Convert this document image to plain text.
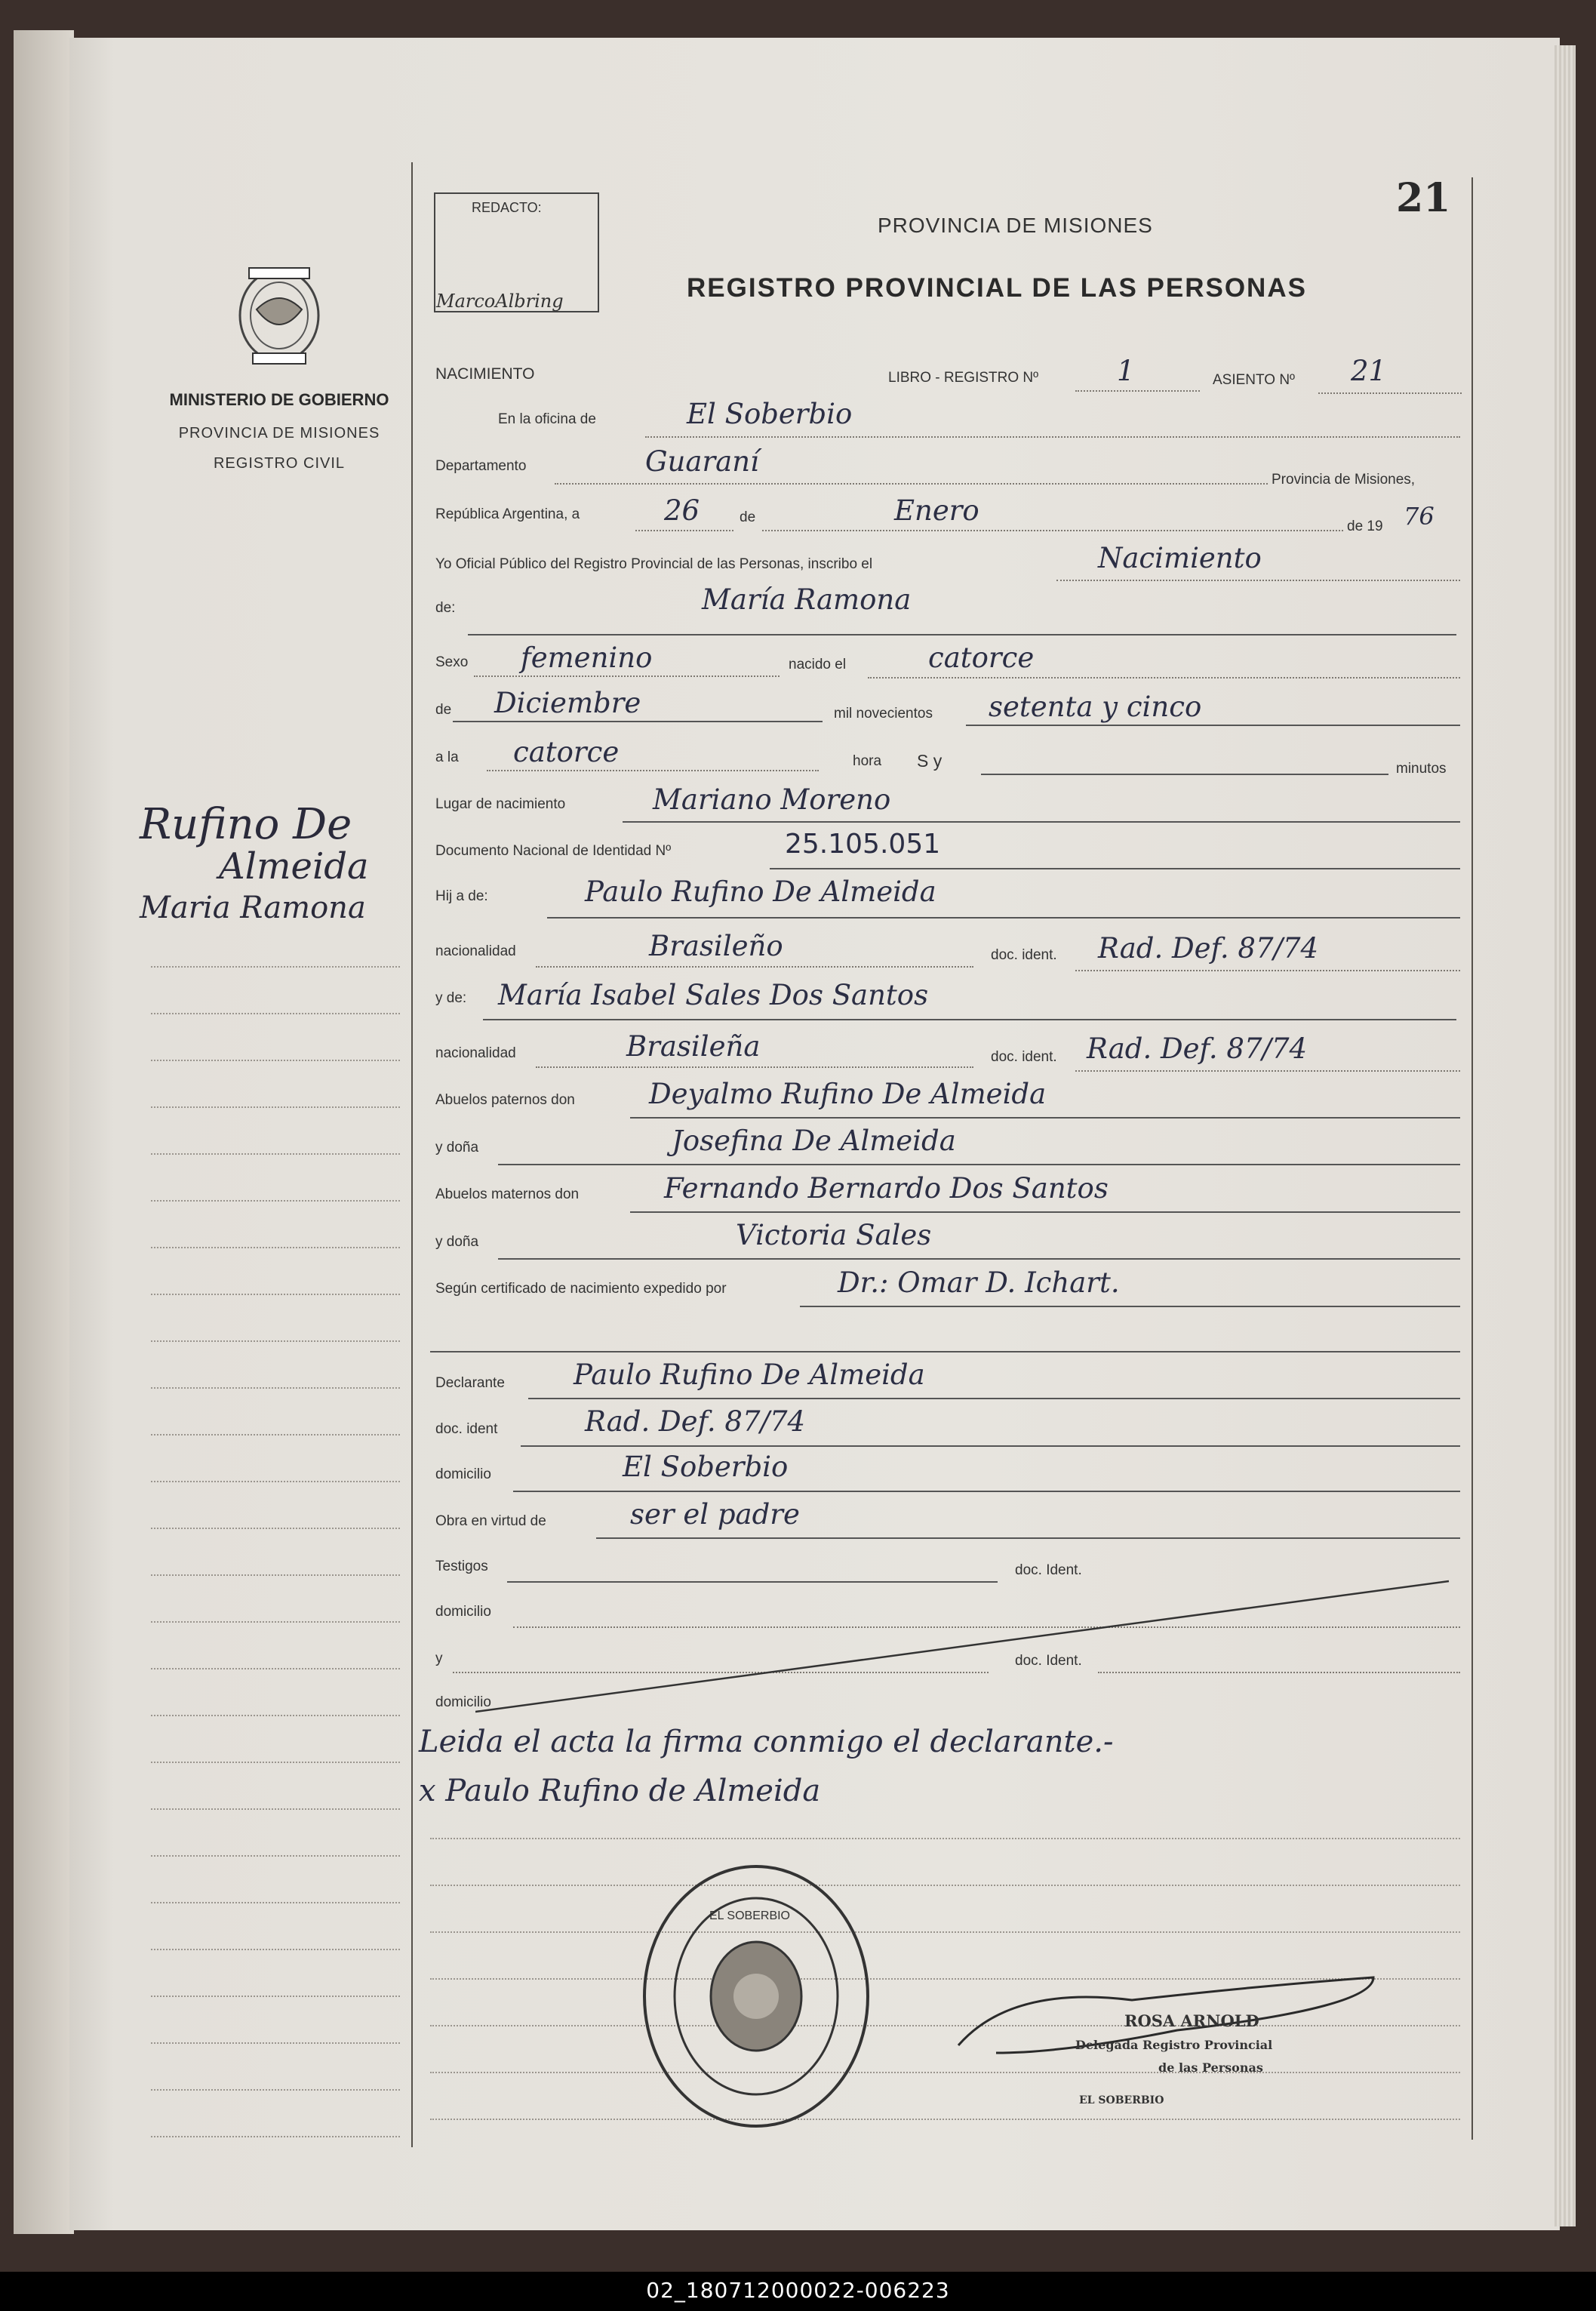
MINISTERIO DE GOBIERNO
PROVINCIA DE MISIONES
REGISTRO CIVIL
Rufino De
Almeida
Maria Ramona
REDACTO:
MarcoAlbring
21
PROVINCIA DE MISIONES
REGISTRO PROVINCIAL DE LAS PERSONAS
NACIMIENTO	LIBRO - REGISTRO Nº	1	ASIENTO Nº 21
En la oficina de	El Soberbio
Departamento	Guaraní
Provincia de Misiones,
República Argentina, a	26	de	Enero	de 19 76
Yo Oficial Público del Registro Provincial de las Personas, inscribo el	Nacimiento
de:	María Ramona
Sexo femenino	nacido el	catorce
de Diciembre	mil novecientos setenta y cinco
a la catorce	hora S y	minutos
Lugar de nacimiento	Mariano Moreno
Documento Nacional de Identidad Nº	25.105.051
Hij a de:	Paulo Rufino De Almeida
nacionalidad	Brasileño	doc. ident. Rad. Def. 87/74
y de: María Isabel Sales Dos Santos
nacionalidad	Brasileña	doc. ident. Rad. Def. 87/74
Abuelos paternos don	Deyalmo Rufino De Almeida
y doña	Josefina De Almeida
Abuelos maternos don	Fernando Bernardo Dos Santos
y doña	Victoria Sales
Según certificado de nacimiento expedido por	Dr.: Omar D. Ichart.
Declarante Paulo Rufino De Almeida
doc. ident	Rad. Def. 87/74
domicilio	El Soberbio
Obra en virtud de	ser el padre
Testigos	doc. Ident.
domicilio
y	doc. Ident.
domicilio
Leida el acta la firma conmigo el declarante.-
x Paulo Rufino de Almeida
EL SOBERBIO
ROSA ARNOLD
Delegada Registro Provincial
de las Personas
EL SOBERBIO
02_180712000022-006223
